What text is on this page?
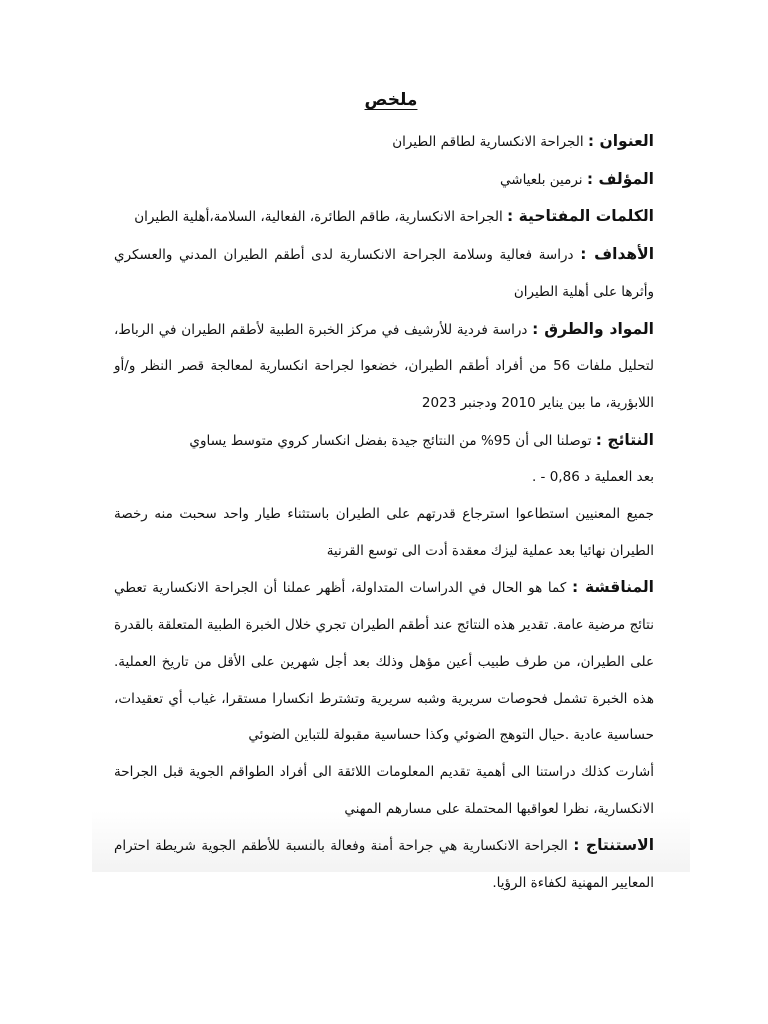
ملخص

العنوان : الجراحة الانكسارية لطاقم الطيران

المؤلف : نرمين بلعياشي

الكلمات المفتاحية : الجراحة الانكسارية، طاقم الطائرة، الفعالية، السلامة،أهلية الطيران

الأهداف : دراسة فعالية وسلامة الجراحة الانكسارية لدى أطقم الطيران المدني والعسكري وأثرها على أهلية الطيران

المواد والطرق : دراسة فردية للأرشيف في مركز الخبرة الطبية لأطقم الطيران في الرباط، لتحليل ملفات 56 من أفراد أطقم الطيران، خضعوا لجراحة انكسارية لمعالجة قصر النظر و/أو اللابؤرية، ما بين يناير 2010 ودجنبر 2023

النتائج : توصلنا الى أن 95% من النتائج جيدة بفضل انكسار كروي متوسط يساوي

بعد العملية د 0,86 - .

جميع المعنيين استطاعوا استرجاع قدرتهم على الطيران باستثناء طيار واحد سحبت منه رخصة الطيران نهائيا بعد عملية ليزك معقدة أدت الى توسع القرنية

المناقشة : كما هو الحال في الدراسات المتداولة، أظهر عملنا أن الجراحة الانكسارية تعطي نتائج مرضية عامة. تقدير هذه النتائج عند أطقم الطيران تجري خلال الخبرة الطبية المتعلقة بالقدرة على الطيران، من طرف طبيب أعين مؤهل وذلك بعد أجل شهرين على الأقل من تاريخ العملية. هذه الخبرة تشمل فحوصات سريرية وشبه سريرية وتشترط انكسارا مستقرا، غياب أي تعقيدات، حساسية عادية .حيال التوهج الضوئي وكذا حساسية مقبولة للتباين الضوئي

أشارت كذلك دراستنا الى أهمية تقديم المعلومات اللائقة الى أفراد الطواقم الجوية قبل الجراحة الانكسارية، نظرا لعواقبها المحتملة على مسارهم المهني

الاستنتاج : الجراحة الانكسارية هي جراحة أمنة وفعالة بالنسبة للأطقم الجوية شريطة احترام المعايير المهنية لكفاءة الرؤيا.
